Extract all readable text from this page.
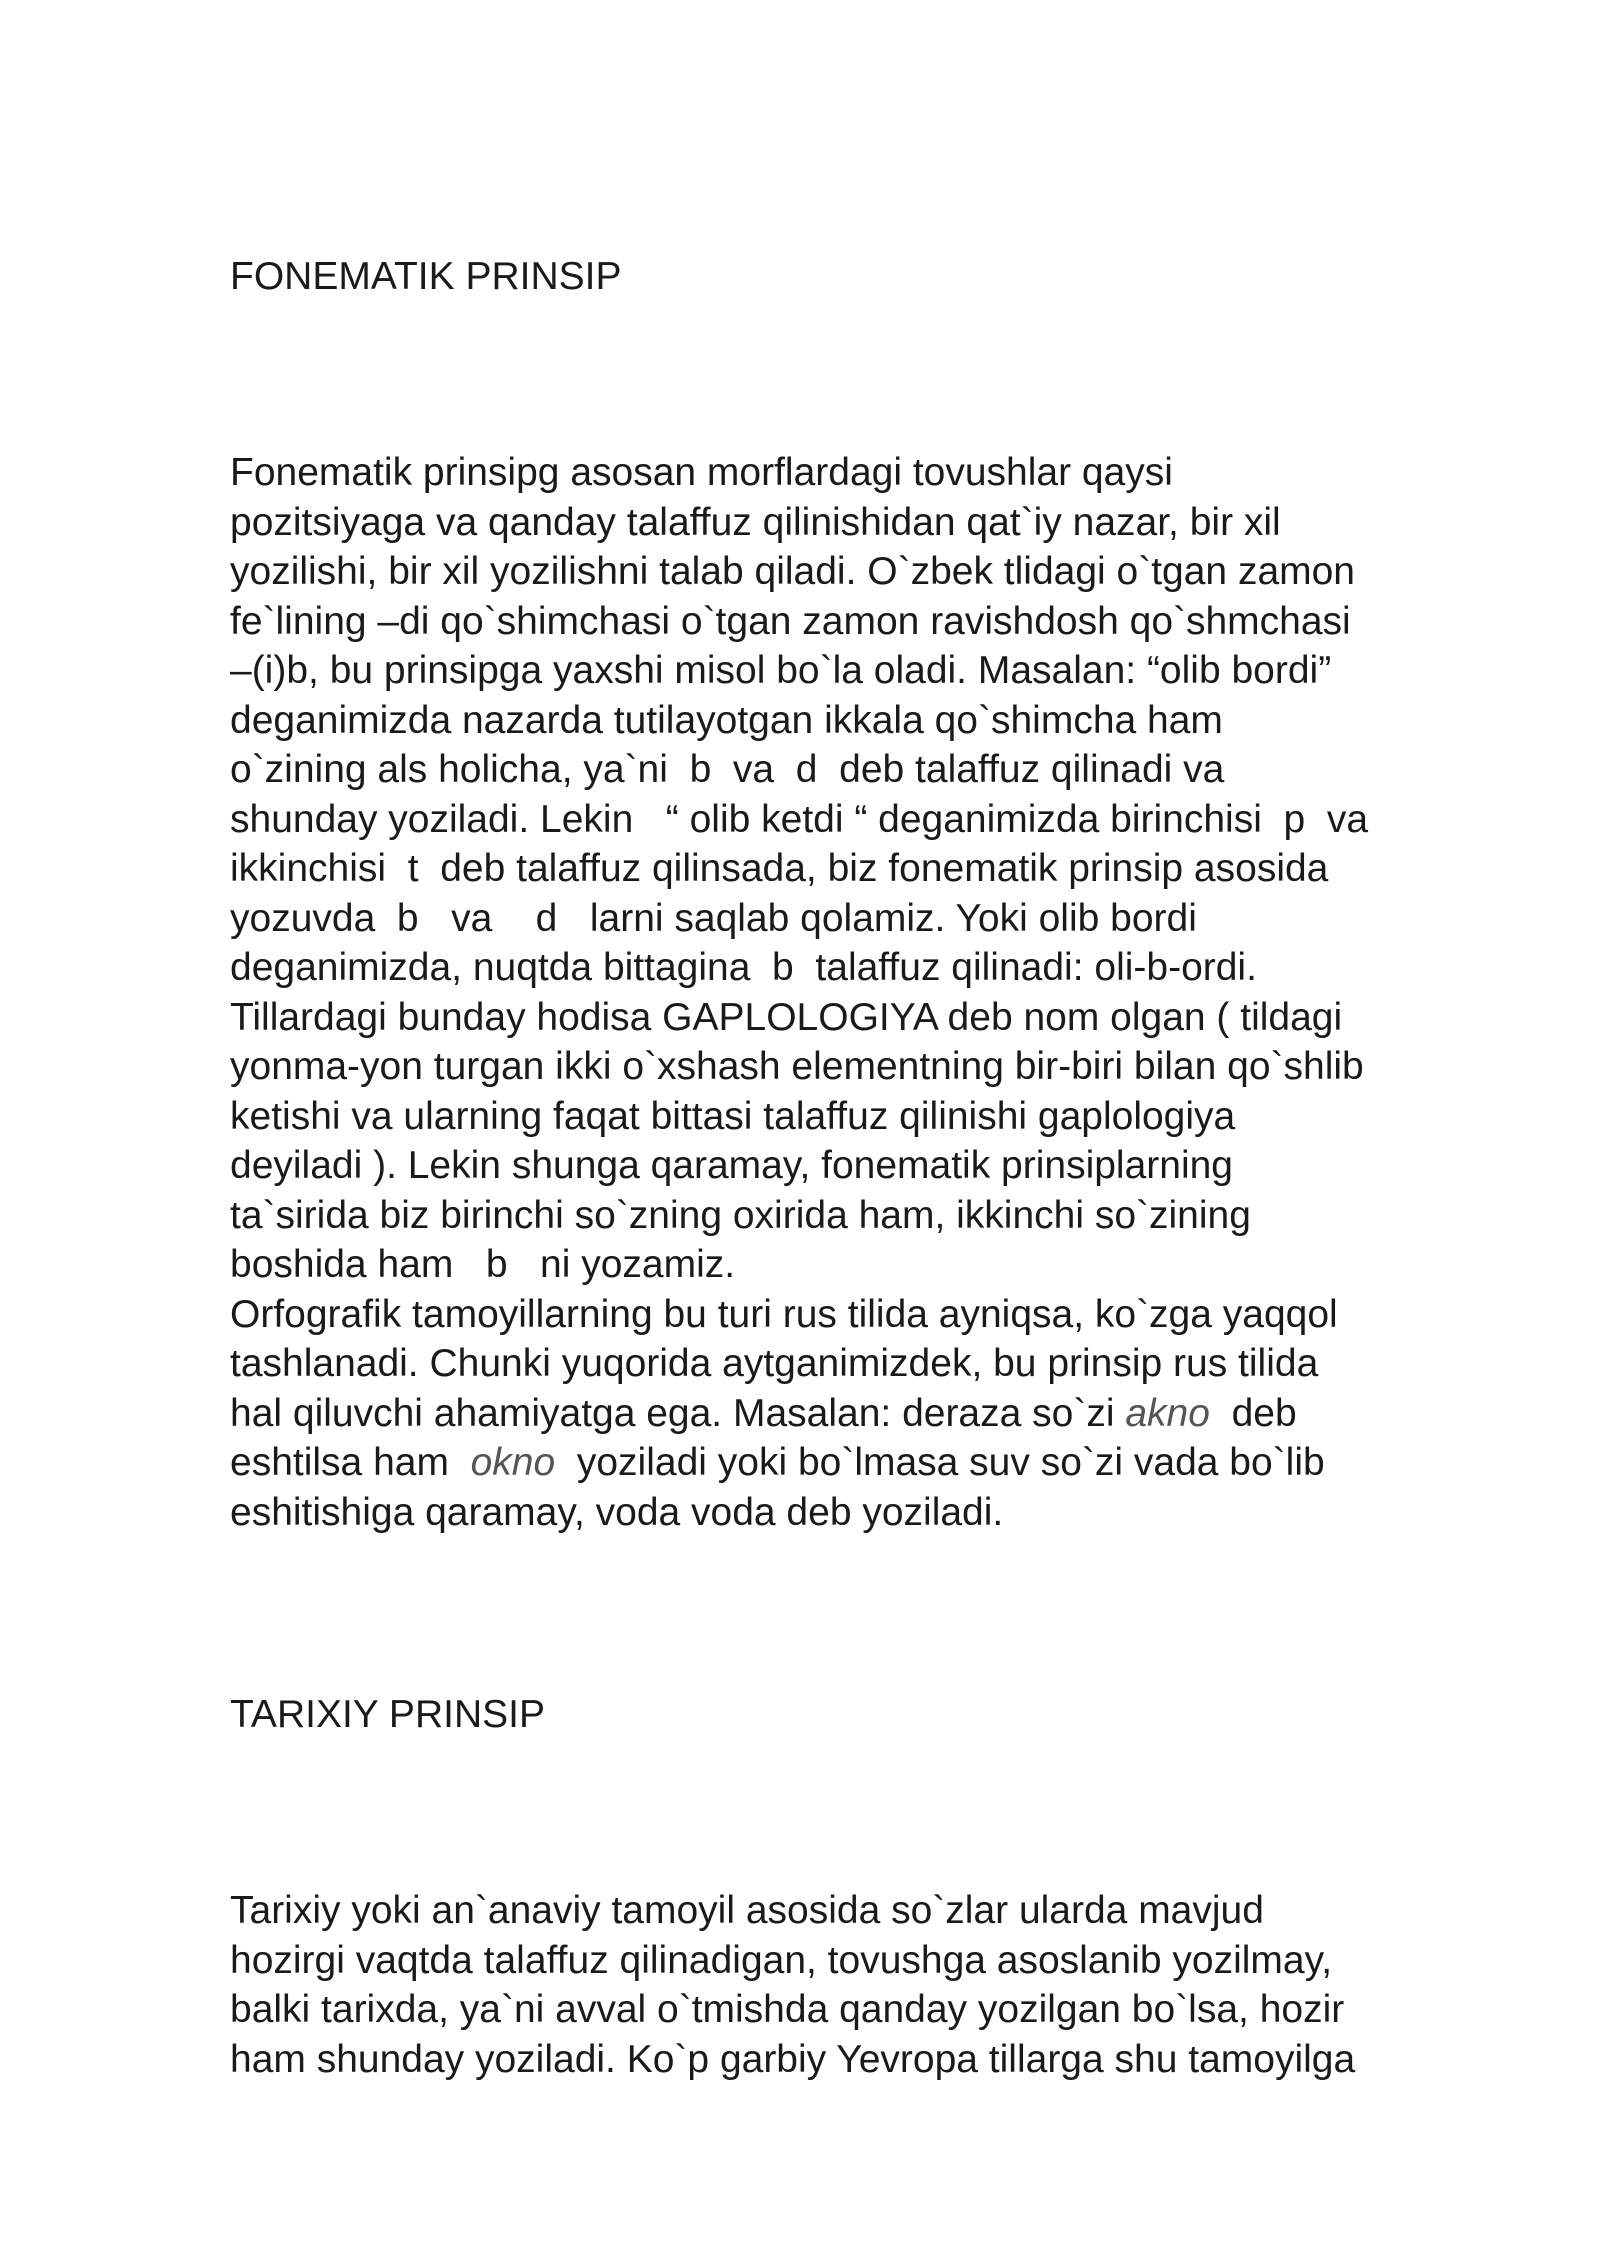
FONEMATIK PRINSIP
Fonematik prinsipg asosan morflardagi tovushlar qaysi
pozitsiyaga va qanday talaffuz qilinishidan qat`iy nazar, bir xil
yozilishi, bir xil yozilishni talab qiladi. O`zbek tlidagi o`tgan zamon
fe`lining –di qo`shimchasi o`tgan zamon ravishdosh qo`shmchasi
–(i)b, bu prinsipga yaxshi misol bo`la oladi. Masalan: “olib bordi”
deganimizda nazarda tutilayotgan ikkala qo`shimcha ham
o`zining als holicha, ya`ni  b  va  d  deb talaffuz qilinadi va
shunday yoziladi. Lekin   “ olib ketdi “ deganimizda birinchisi  p  va
ikkinchisi  t  deb talaffuz qilinsada, biz fonematik prinsip asosida
yozuvda  b   va    d   larni saqlab qolamiz. Yoki olib bordi
deganimizda, nuqtda bittagina  b  talaffuz qilinadi: oli-b-ordi.
Tillardagi bunday hodisa GAPLOLOGIYA deb nom olgan ( tildagi
yonma-yon turgan ikki o`xshash elementning bir-biri bilan qo`shlib
ketishi va ularning faqat bittasi talaffuz qilinishi gaplologiya
deyiladi ). Lekin shunga qaramay, fonematik prinsiplarning
ta`sirida biz birinchi so`zning oxirida ham, ikkinchi so`zining
boshida ham   b   ni yozamiz.
Orfografik tamoyillarning bu turi rus tilida ayniqsa, ko`zga yaqqol
tashlanadi. Chunki yuqorida aytganimizdek, bu prinsip rus tilida
hal qiluvchi ahamiyatga ega. Masalan: deraza so`zi akno  deb
eshtilsa ham  okno  yoziladi yoki bo`lmasa suv so`zi vada bo`lib
eshitishiga qaramay, voda voda deb yoziladi.
TARIXIY PRINSIP
Tarixiy yoki an`anaviy tamoyil asosida so`zlar ularda mavjud
hozirgi vaqtda talaffuz qilinadigan, tovushga asoslanib yozilmay,
balki tarixda, ya`ni avval o`tmishda qanday yozilgan bo`lsa, hozir
ham shunday yoziladi. Ko`p garbiy Yevropa tillarga shu tamoyilga
